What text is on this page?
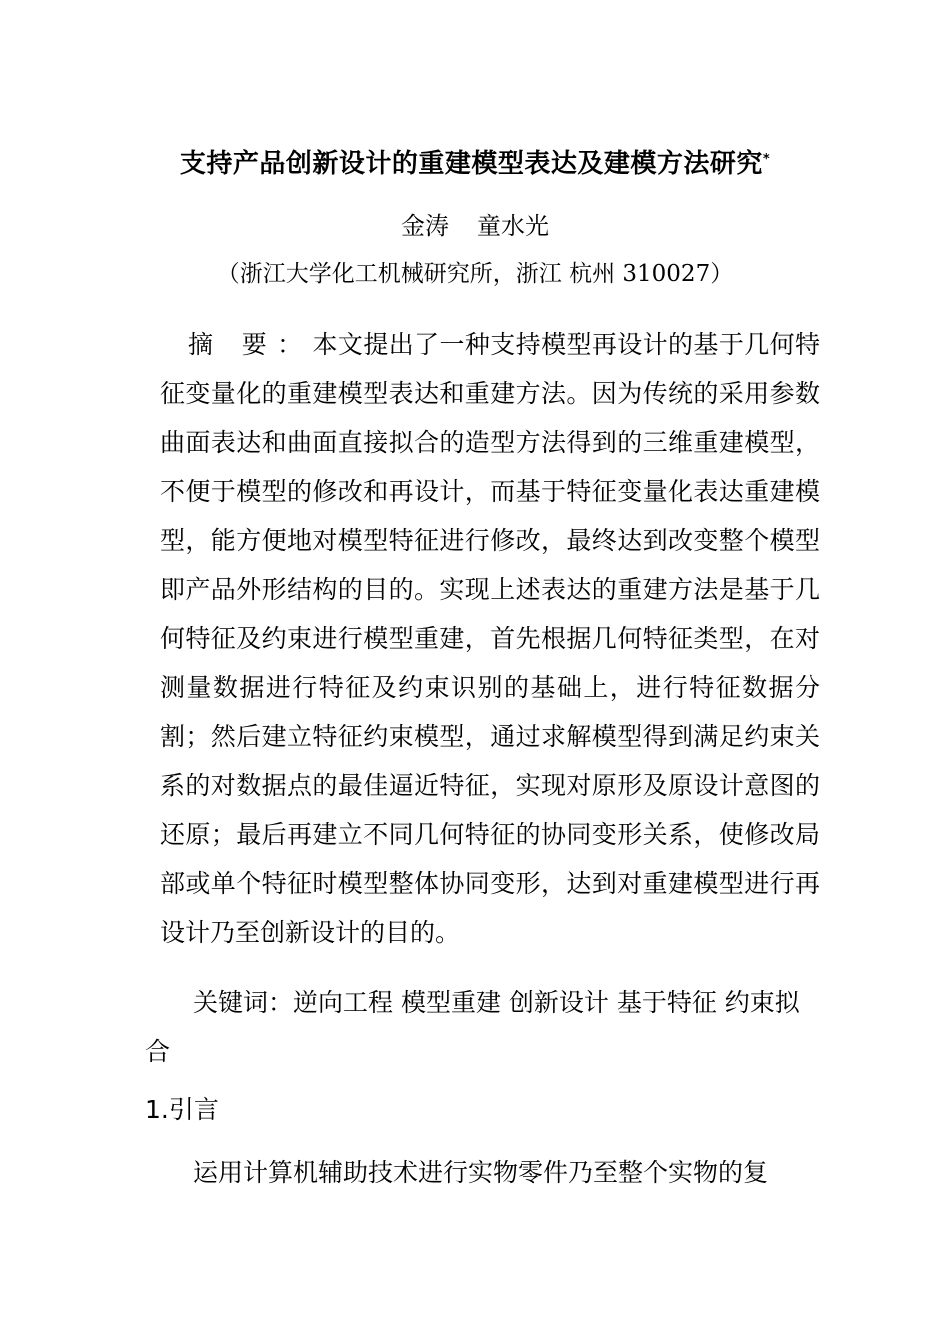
支持产品创新设计的重建模型表达及建模方法研究*
金涛 童水光
（浙江大学化工机械研究所，浙江 杭州 310027）
摘 要：本文提出了一种支持模型再设计的基于几何特征变量化的重建模型表达和重建方法。因为传统的采用参数曲面表达和曲面直接拟合的造型方法得到的三维重建模型，不便于模型的修改和再设计，而基于特征变量化表达重建模型，能方便地对模型特征进行修改，最终达到改变整个模型即产品外形结构的目的。实现上述表达的重建方法是基于几何特征及约束进行模型重建，首先根据几何特征类型，在对测量数据进行特征及约束识别的基础上，进行特征数据分割；然后建立特征约束模型，通过求解模型得到满足约束关系的对数据点的最佳逼近特征，实现对原形及原设计意图的还原；最后再建立不同几何特征的协同变形关系，使修改局部或单个特征时模型整体协同变形，达到对重建模型进行再设计乃至创新设计的目的。
关键词：逆向工程 模型重建 创新设计 基于特征 约束拟合
1.引言
运用计算机辅助技术进行实物零件乃至整个实物的复
